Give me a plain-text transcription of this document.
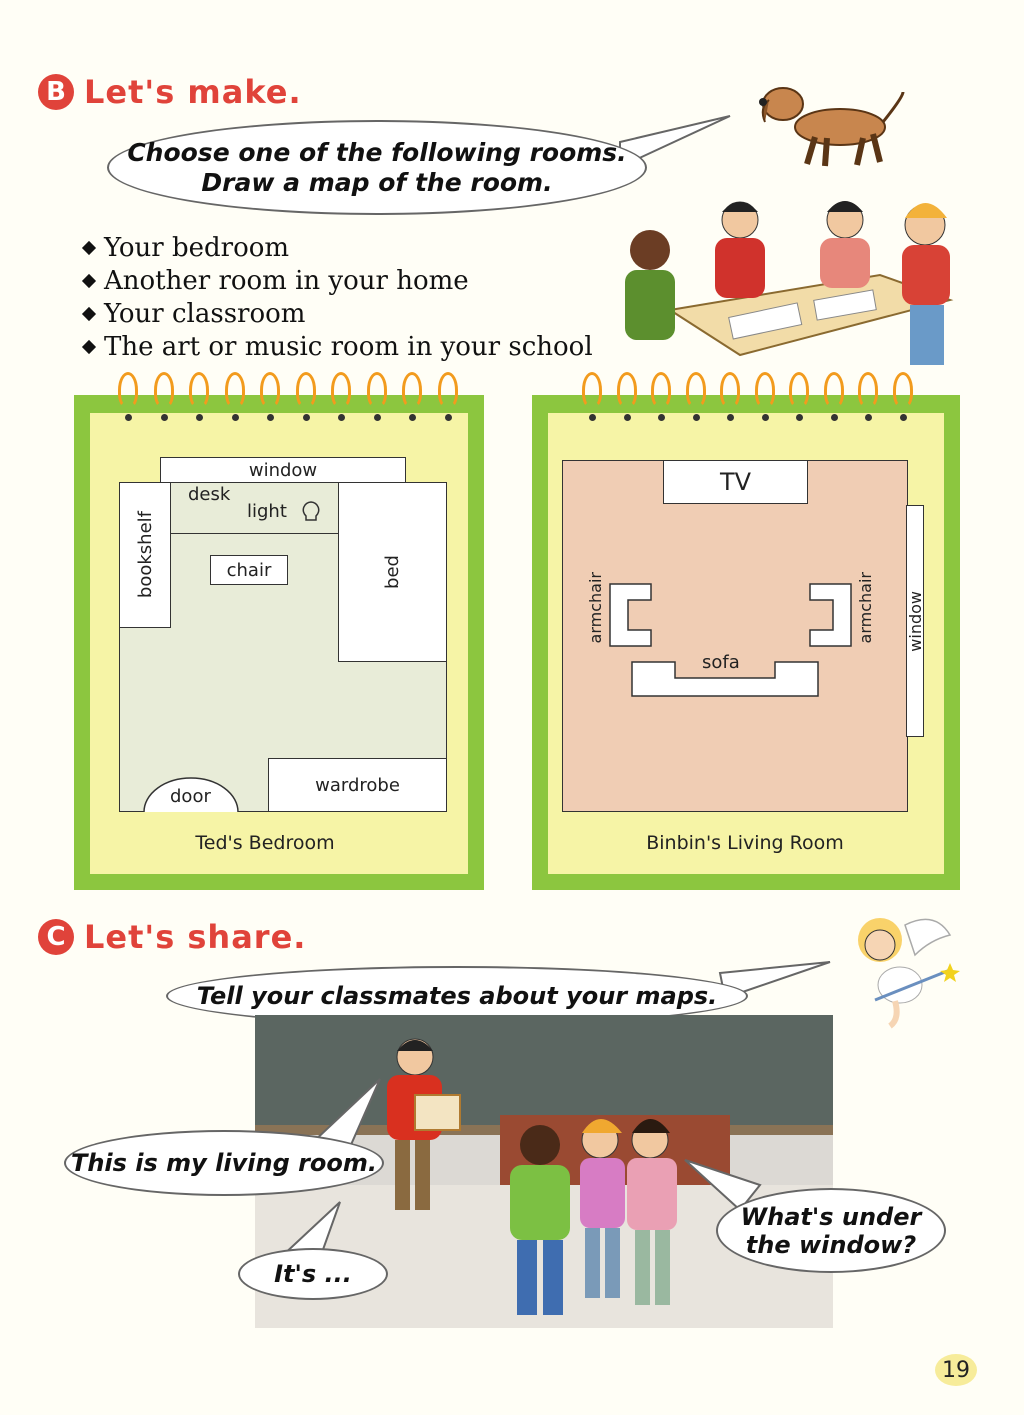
B Let's make.
Choose one of the following rooms.
Draw a map of the room.
Your bedroom
Another room in your home
Your classroom
The art or music room in your school
window
desk
light
bookshelf	chair	bed
wardrobe
door
Ted's Bedroom
TV
window
armchair	armchair
sofa
Binbin's Living Room
C Let's share.
Tell your classmates about your maps.
This is my living room.
It's ...
What's under
the window?
19
